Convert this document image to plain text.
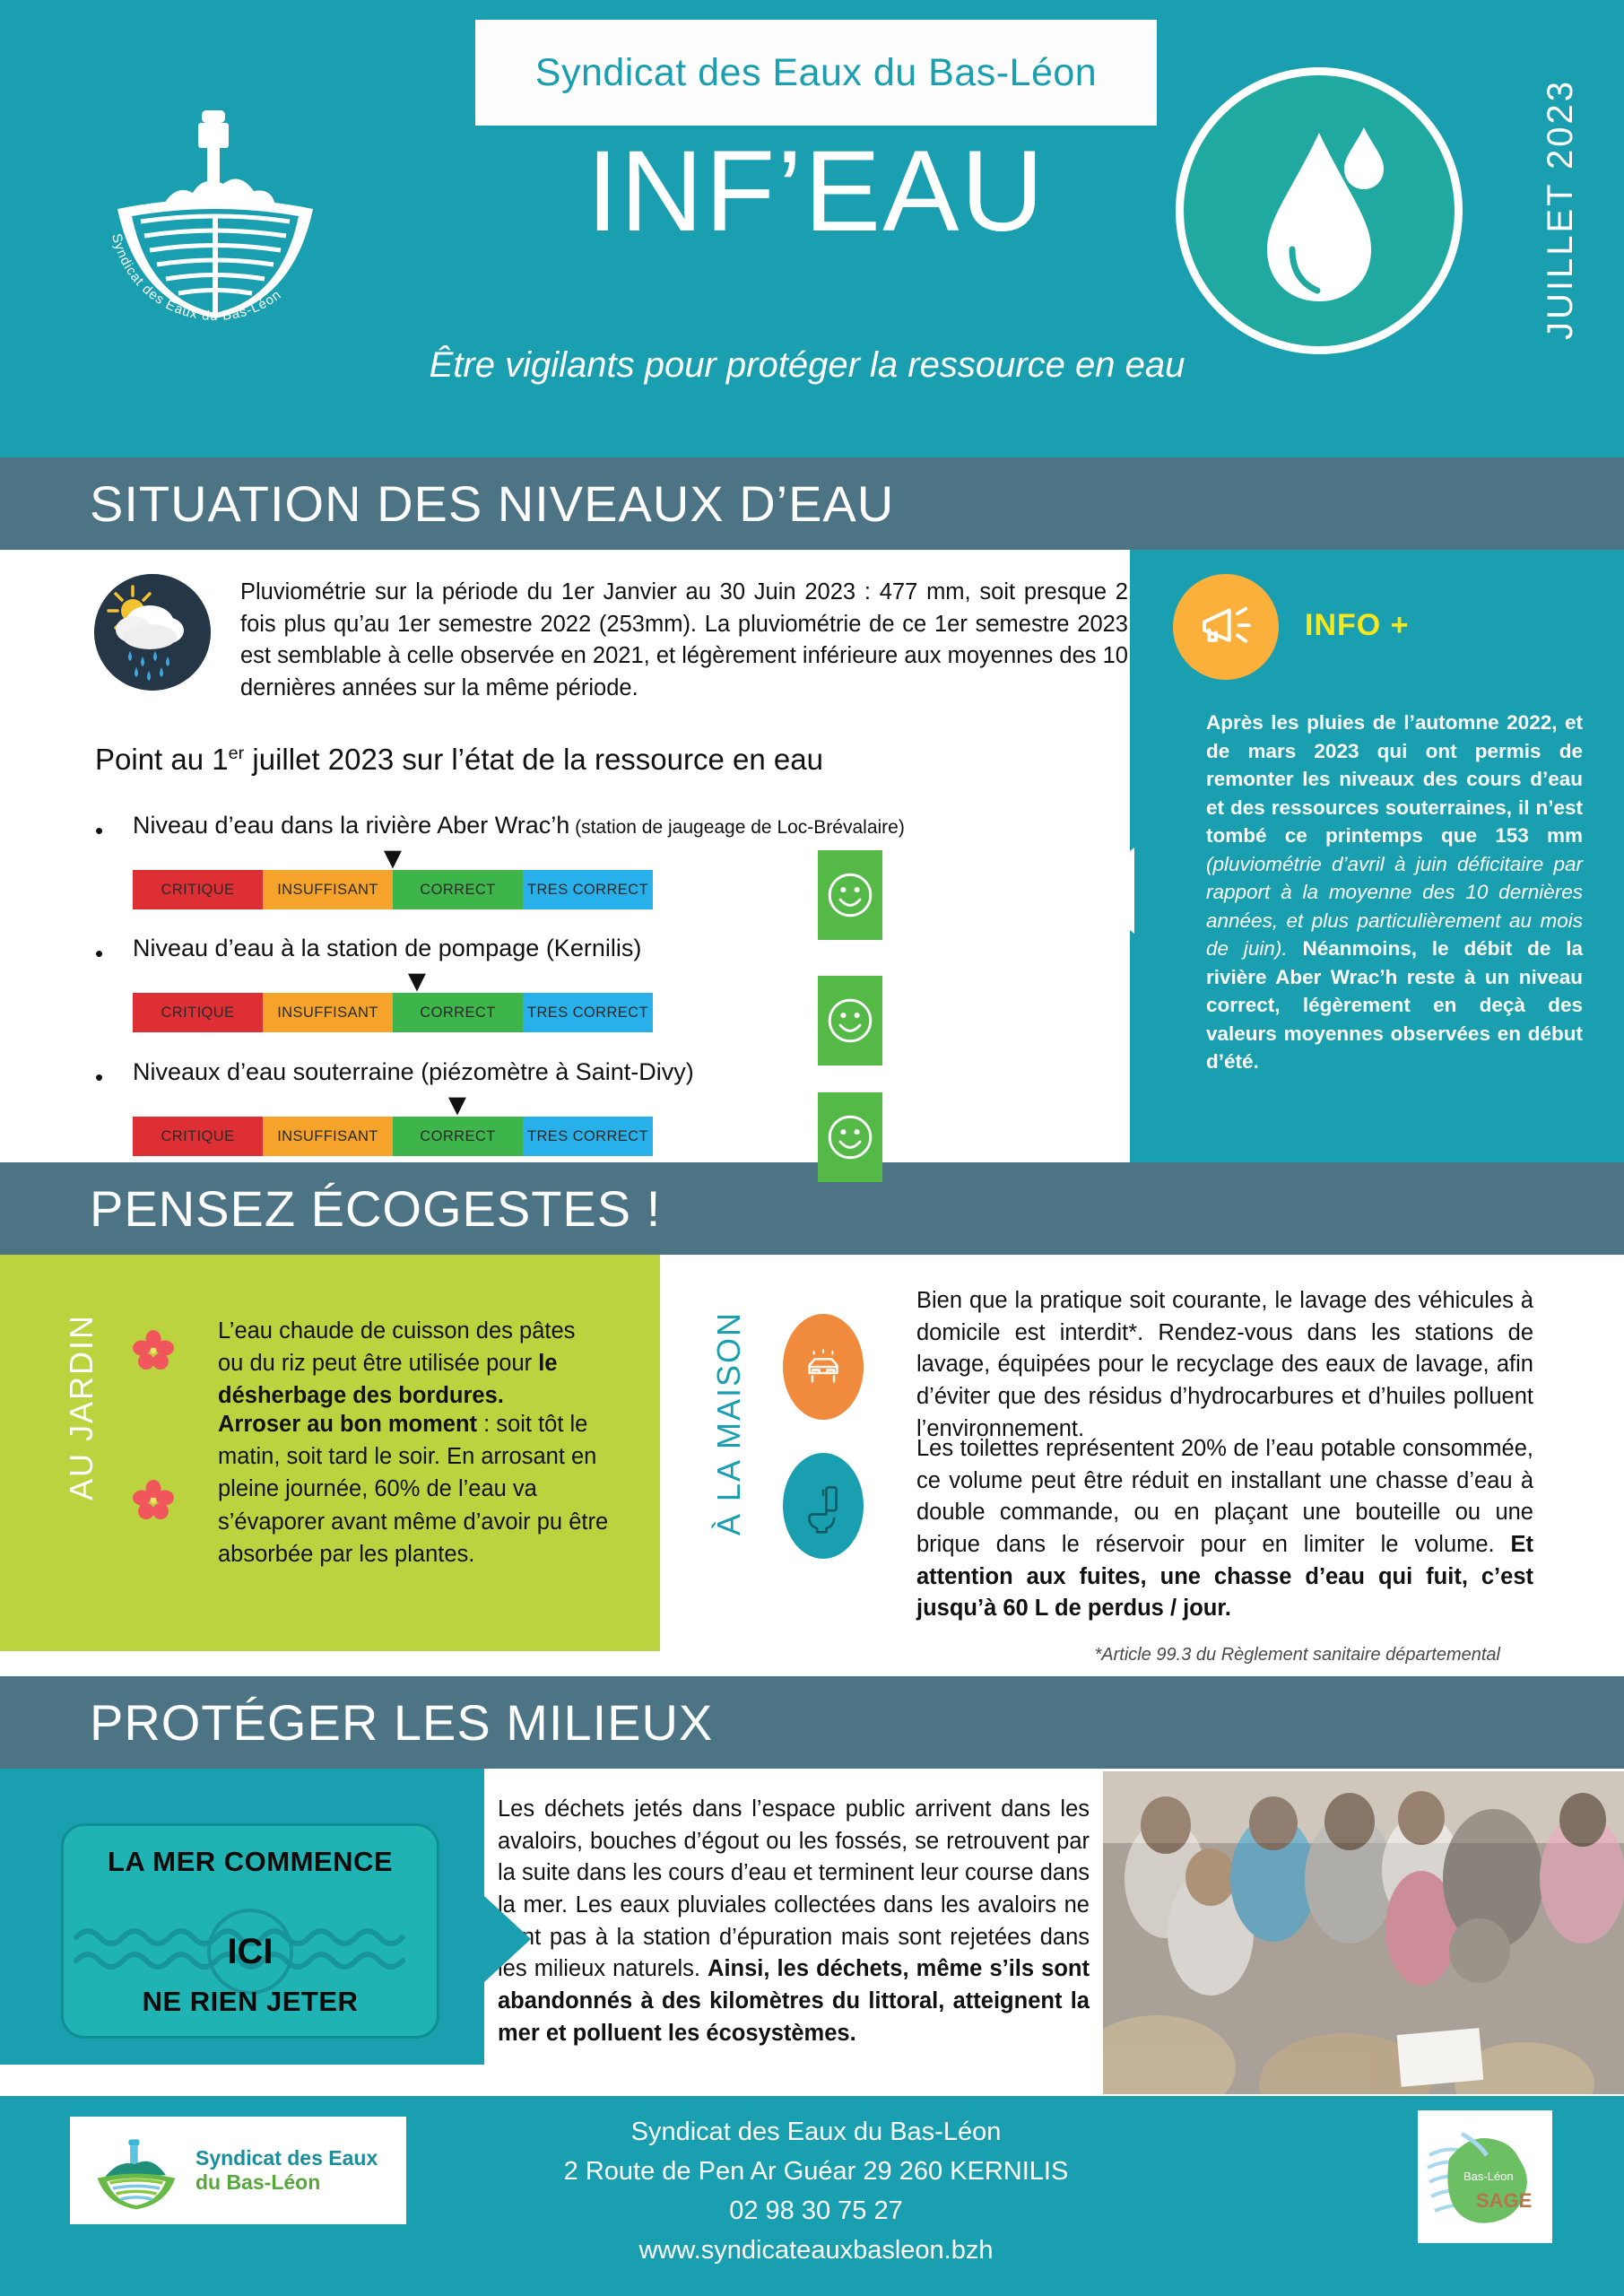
Syndicat des Eaux du Bas-Léon
Syndicat des Eaux du Bas-Léon
INF’EAU
Être vigilants pour protéger la ressource en eau
JUILLET 2023
SITUATION DES NIVEAUX D’EAU
Pluviométrie sur la période du 1er Janvier au 30 Juin 2023 : 477 mm, soit presque 2 fois plus qu’au 1er semestre 2022 (253mm). La pluviométrie de ce 1er semestre 2023 est semblable à celle observée en 2021, et légèrement inférieure aux moyennes des 10 dernières années sur la même période.
Point au 1er juillet 2023 sur l’état de la ressource en eau
• Niveau d’eau dans la rivière Aber Wrac’h (station de jaugeage de Loc-Brévalaire)
▼
CRITIQUE	INSUFFISANT	CORRECT	TRES CORRECT
• Niveau d’eau à la station de pompage (Kernilis)
▼
CRITIQUE	INSUFFISANT	CORRECT	TRES CORRECT
• Niveaux d’eau souterraine (piézomètre à Saint-Divy)
▼
CRITIQUE	INSUFFISANT	CORRECT	TRES CORRECT
INFO +
Après les pluies de l’automne 2022, et de mars 2023 qui ont permis de remonter les niveaux des cours d’eau et des ressources souterraines, il n’est tombé ce printemps que 153 mm (pluviométrie d’avril à juin déficitaire par rapport à la moyenne des 10 dernières années, et plus particulièrement au mois de juin). Néanmoins, le débit de la rivière Aber Wrac’h reste à un niveau correct, légèrement en deçà des valeurs moyennes observées en début d’été.
PENSEZ ÉCOGESTES !
AU JARDIN	L’eau chaude de cuisson des pâtes ou du riz peut être utilisée pour le désherbage des bordures.
Arroser au bon moment : soit tôt le matin, soit tard le soir. En arrosant en pleine journée, 60% de l’eau va s’évaporer avant même d’avoir pu être absorbée par les plantes.
À LA MAISON
Bien que la pratique soit courante, le lavage des véhicules à domicile est interdit*. Rendez-vous dans les stations de lavage, équipées pour le recyclage des eaux de lavage, afin d’éviter que des résidus d’hydrocarbures et d’huiles polluent l’environnement.
Les toilettes représentent 20% de l’eau potable consommée, ce volume peut être réduit en installant une chasse d’eau à double commande, ou en plaçant une bouteille ou une brique dans le réservoir pour en limiter le volume. Et attention aux fuites, une chasse d’eau qui fuit, c’est jusqu’à 60 L de perdus / jour.
*Article 99.3 du Règlement sanitaire départemental
PROTÉGER LES MILIEUX
LA MER COMMENCE
ICI
NE RIEN JETER
Les déchets jetés dans l’espace public arrivent dans les avaloirs, bouches d’égout ou les fossés, se retrouvent par la suite dans les cours d’eau et terminent leur course dans la mer. Les eaux pluviales collectées dans les avaloirs ne vont pas à la station d’épuration mais sont rejetées dans les milieux naturels. Ainsi, les déchets, même s’ils sont abandonnés à des kilomètres du littoral, atteignent la mer et polluent les écosystèmes.
Syndicat des Eaux
du Bas-Léon
Syndicat des Eaux du Bas-Léon
2 Route de Pen Ar Guéar 29 260 KERNILIS
02 98 30 75 27
www.syndicateauxbasleon.bzh
Bas-Léon
SAGE
